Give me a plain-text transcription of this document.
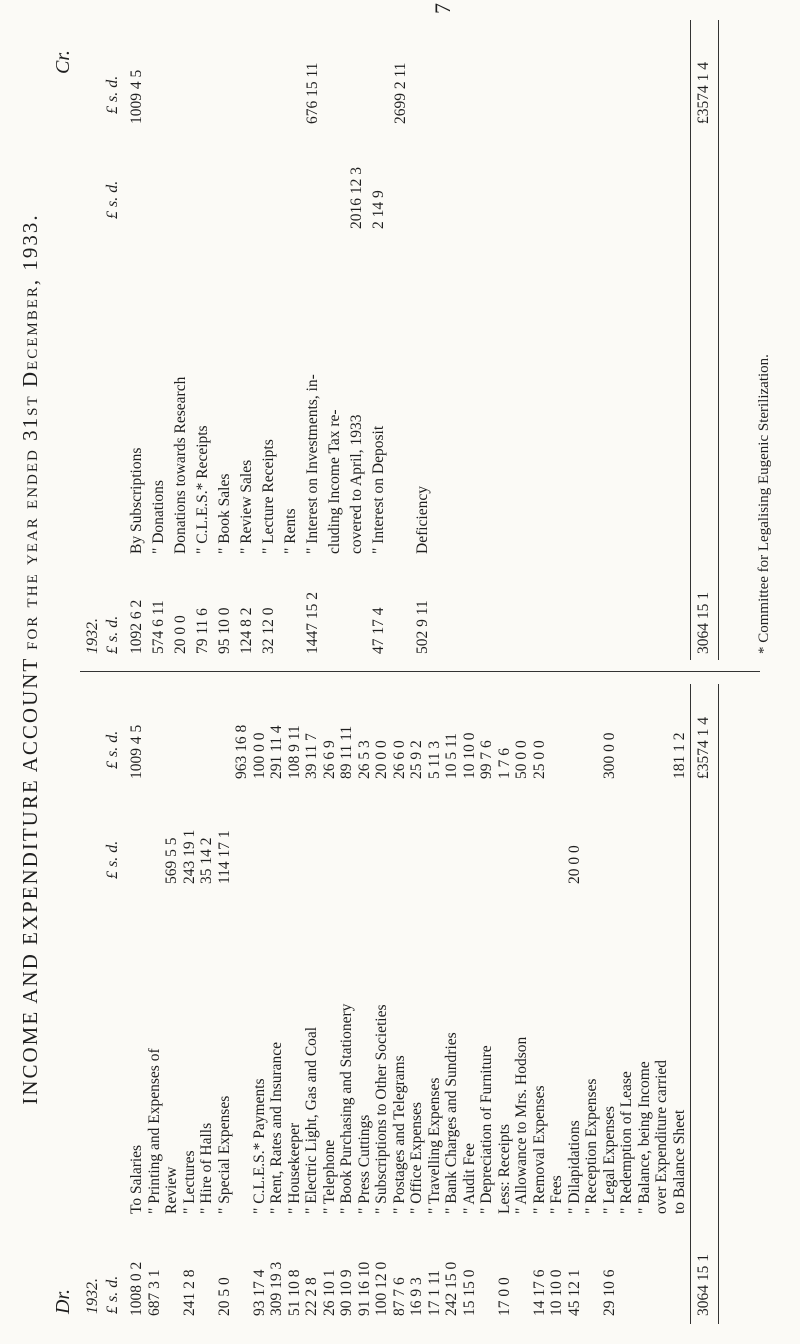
INCOME AND EXPENDITURE ACCOUNT for the year ended 31st December, 1933.
Dr.
Cr.
7
1932. £ s. d.
£ s. d.
£ s. d.
1932. £ s. d.
£ s. d.
£ s. d.
1008 0 2
To Salaries
1009 4 5
687 3 1
" Printing and Expenses of Review
569 5 5
241 2 8
" Lectures
243 19 1
" Hire of Halls
35 14 2
20 5 0
" Special Expenses
114 17 1
963 16 8
93 17 4
" C.L.E.S.* Payments
100 0 0
309 19 3
" Rent, Rates and Insurance
291 11 4
51 10 8
" Housekeeper
108 9 11
22 2 8
" Electric Light, Gas and Coal
39 11 7
26 10 1
" Telephone
26 6 9
90 10 9
" Book Purchasing and Stationery
89 11 11
91 16 10
" Press Cuttings
26 5 3
100 12 0
" Subscriptions to Other Societies
20 0 0
87 7 6
" Postages and Telegrams
26 6 0
16 9 3
" Office Expenses
25 9 2
17 1 11
" Travelling Expenses
5 11 3
242 15 0
" Bank Charges and Sundries
10 5 11
15 15 0
" Audit Fee
10 10 0
" Depreciation of Furniture
99 7 6
17 0 0
Less: Receipts
1 7 6
" Allowance to Mrs. Hodson
50 0 0
14 17 6
" Removal Expenses
25 0 0
10 10 0
" Fees
45 12 1
" Dilapidations
20 0 0
" Reception Expenses
29 10 6
" Legal Expenses
300 0 0
" Redemption of Lease " Balance, being Income over Expenditure carried to Balance Sheet
181 1 2
1092 6 2
By Subscriptions
1009 4 5
574 6 11
" Donations
20 0 0
Donations towards Research
79 11 6
" C.L.E.S.* Receipts
95 10 0
" Book Sales
124 8 2
" Review Sales
32 12 0
" Lecture Receipts " Rents
1447 15 2
" Interest on Investments, in-
676 15 11
cluding Income Tax re- covered to April, 1933
2016 12 3
47 17 4
" Interest on Deposit
2 14 9
2699 2 11
502 9 11
Deficiency
3064 15 1
£3574 1 4
3064 15 1
£3574 1 4
* Committee for Legalising Eugenic Sterilization.
